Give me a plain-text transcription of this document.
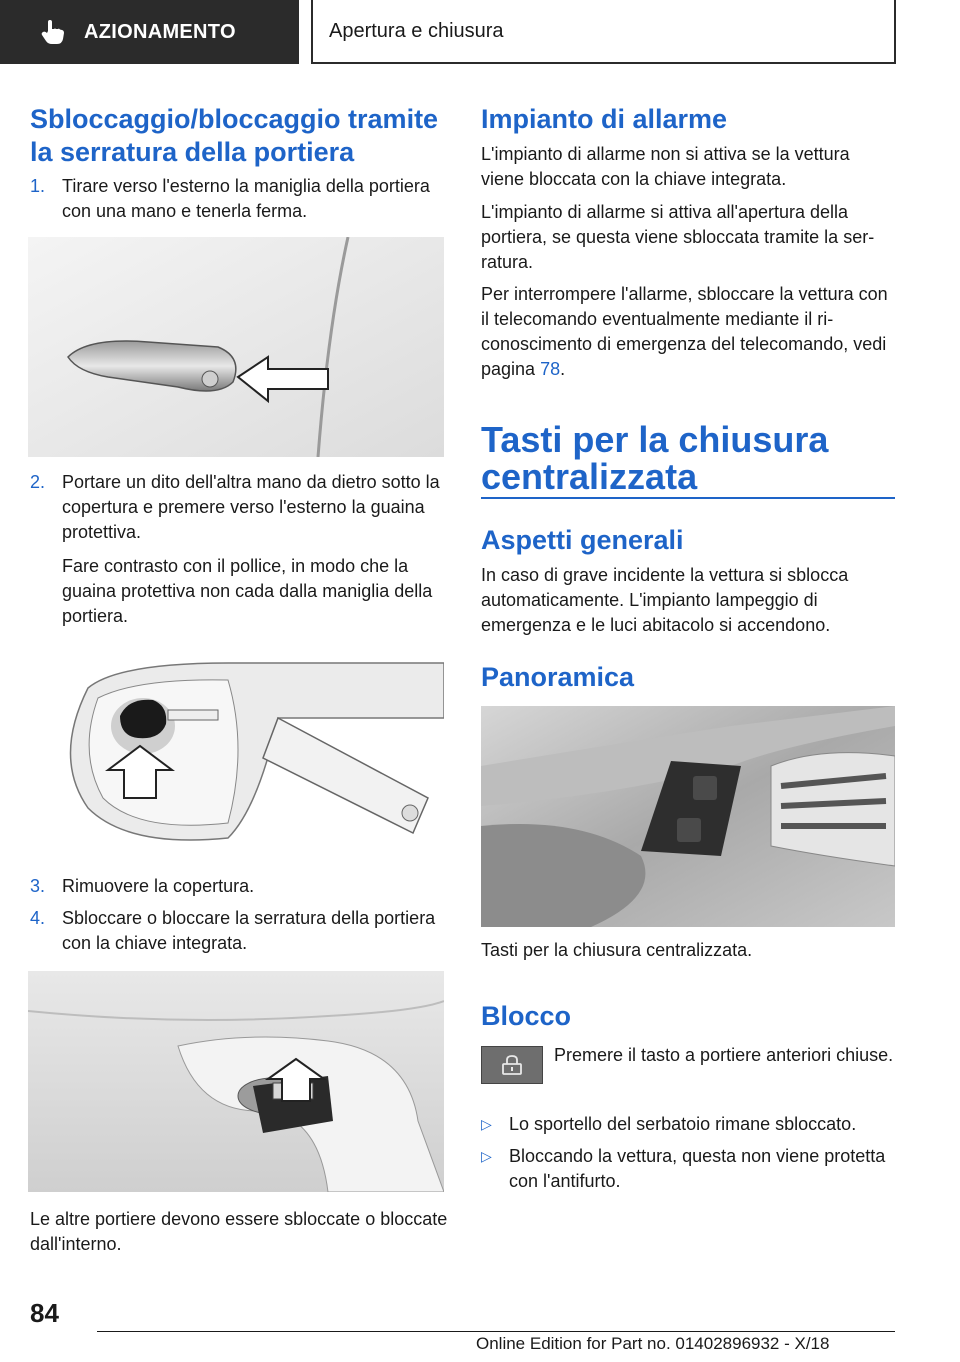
AZIONAMENTO	Apertura e chiusura
Sbloccaggio/bloccaggio tramite la serratura della portiera
1. Tirare verso l'esterno la maniglia della portiera con una mano e tenerla ferma.
2. Portare un dito dell'altra mano da dietro sotto la copertura e premere verso l'esterno la guaina protettiva.
Fare contrasto con il pollice, in modo che la guaina protettiva non cada dalla maniglia della portiera.
3. Rimuovere la copertura.
4. Sbloccare o bloccare la serratura della portiera con la chiave integrata.
Le altre portiere devono essere sbloccate o bloccate dall'interno.
Impianto di allarme
L'impianto di allarme non si attiva se la vettura viene bloccata con la chiave integrata.
L'impianto di allarme si attiva all'apertura della portiera, se questa viene sbloccata tramite la serratura.
Per interrompere l'allarme, sbloccare la vettura con il telecomando eventualmente mediante il riconoscimento di emergenza del telecomando, vedi pagina 78.
Tasti per la chiusura centralizzata
Aspetti generali
In caso di grave incidente la vettura si sblocca automaticamente. L'impianto lampeggio di emergenza e le luci abitacolo si accendono.
Panoramica
Tasti per la chiusura centralizzata.
Blocco
Premere il tasto a portiere anteriori chiuse.
▷ Lo sportello del serbatoio rimane sbloccato.
▷ Bloccando la vettura, questa non viene protetta con l'antifurto.
84
Online Edition for Part no. 01402896932 - X/18
